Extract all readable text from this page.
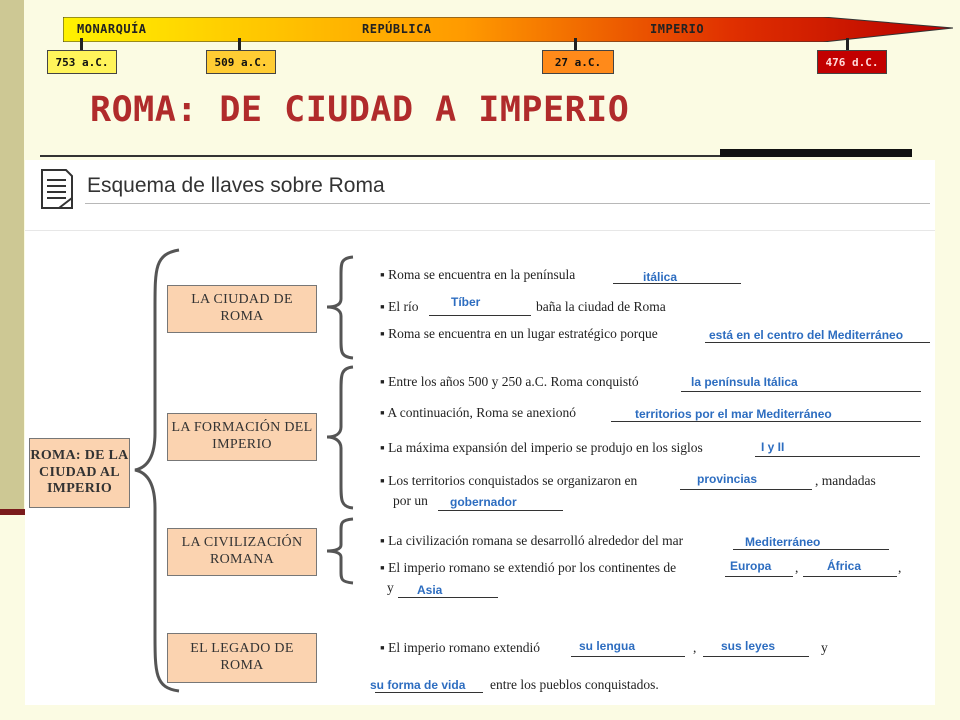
MONARQUÍA	REPÚBLICA	IMPERIO
753 a.C.	509 a.C.	27 a.C.	476 d.C.
ROMA: DE CIUDAD A IMPERIO
Esquema de llaves sobre Roma
ROMA: DE LA CIUDAD AL IMPERIO
LA CIUDAD DE ROMA
LA FORMACIÓN DEL IMPERIO
LA CIVILIZACIÓN ROMANA
EL LEGADO DE ROMA
▪ Roma se encuentra en la península	itálica
▪ El río	Tíber	baña la ciudad de Roma
▪ Roma se encuentra en un lugar estratégico porque	está en el centro del Mediterráneo
▪ Entre los años 500 y 250 a.C. Roma conquistó	la península Itálica
▪ A continuación, Roma se anexionó	territorios por el mar Mediterráneo
▪ La máxima expansión del imperio se produjo en los siglos	I y II
▪ Los territorios conquistados se organizaron en	provincias	, mandadas
por un gobernador
▪ La civilización romana se desarrolló alrededor del mar	Mediterráneo
▪ El imperio romano se extendió por los continentes de	Europa , África	,
y Asia
▪ El imperio romano extendió	su lengua	, sus leyes	y
su forma de vida entre los pueblos conquistados.
